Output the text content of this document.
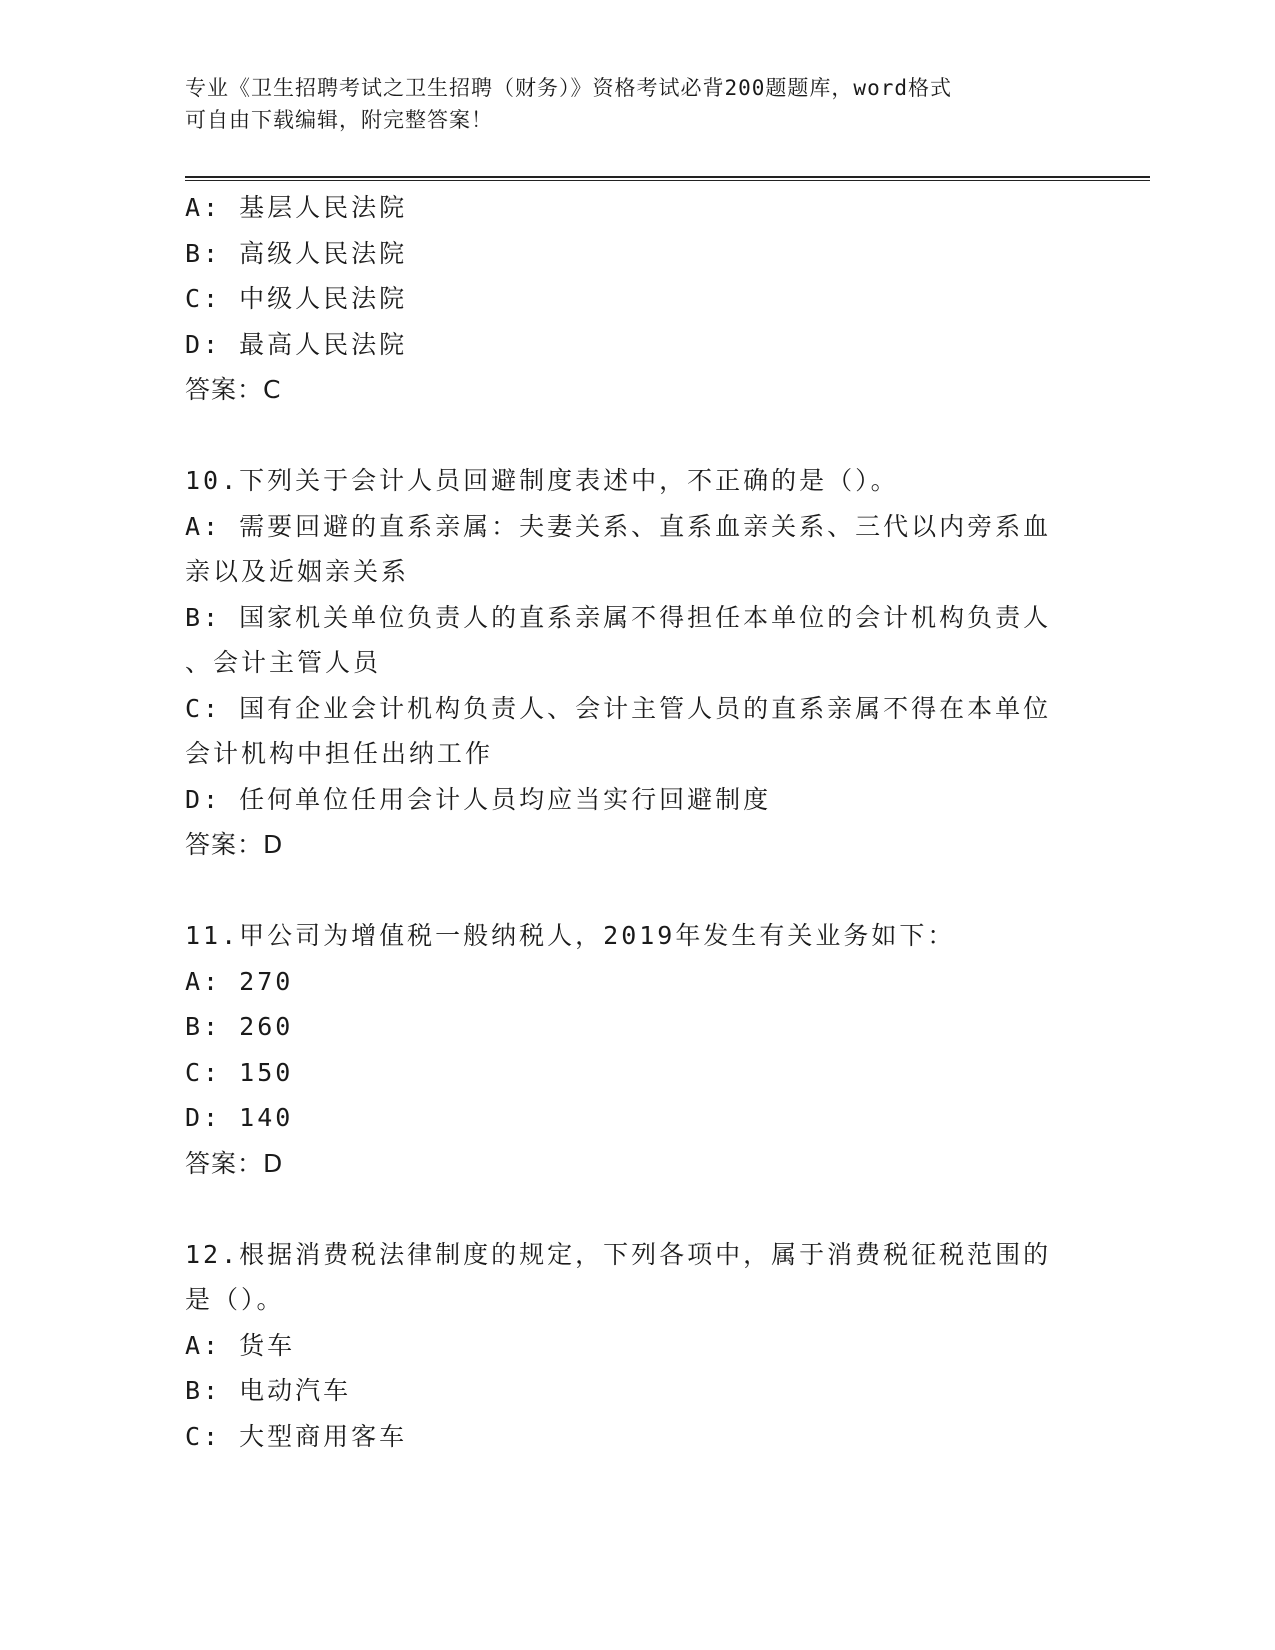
专业《卫生招聘考试之卫生招聘（财务）》资格考试必背200题题库，word格式

可自由下载编辑，附完整答案！

A: 基层人民法院

B: 高级人民法院

C: 中级人民法院

D: 最高人民法院

答案：C

10.下列关于会计人员回避制度表述中，不正确的是（）。

A: 需要回避的直系亲属：夫妻关系、直系血亲关系、三代以内旁系血

亲以及近姻亲关系

B: 国家机关单位负责人的直系亲属不得担任本单位的会计机构负责人

、会计主管人员

C: 国有企业会计机构负责人、会计主管人员的直系亲属不得在本单位

会计机构中担任出纳工作

D: 任何单位任用会计人员均应当实行回避制度

答案：D

11.甲公司为增值税一般纳税人，2019年发生有关业务如下：

A: 270

B: 260

C: 150

D: 140

答案：D

12.根据消费税法律制度的规定，下列各项中，属于消费税征税范围的

是（）。

A: 货车

B: 电动汽车

C: 大型商用客车
